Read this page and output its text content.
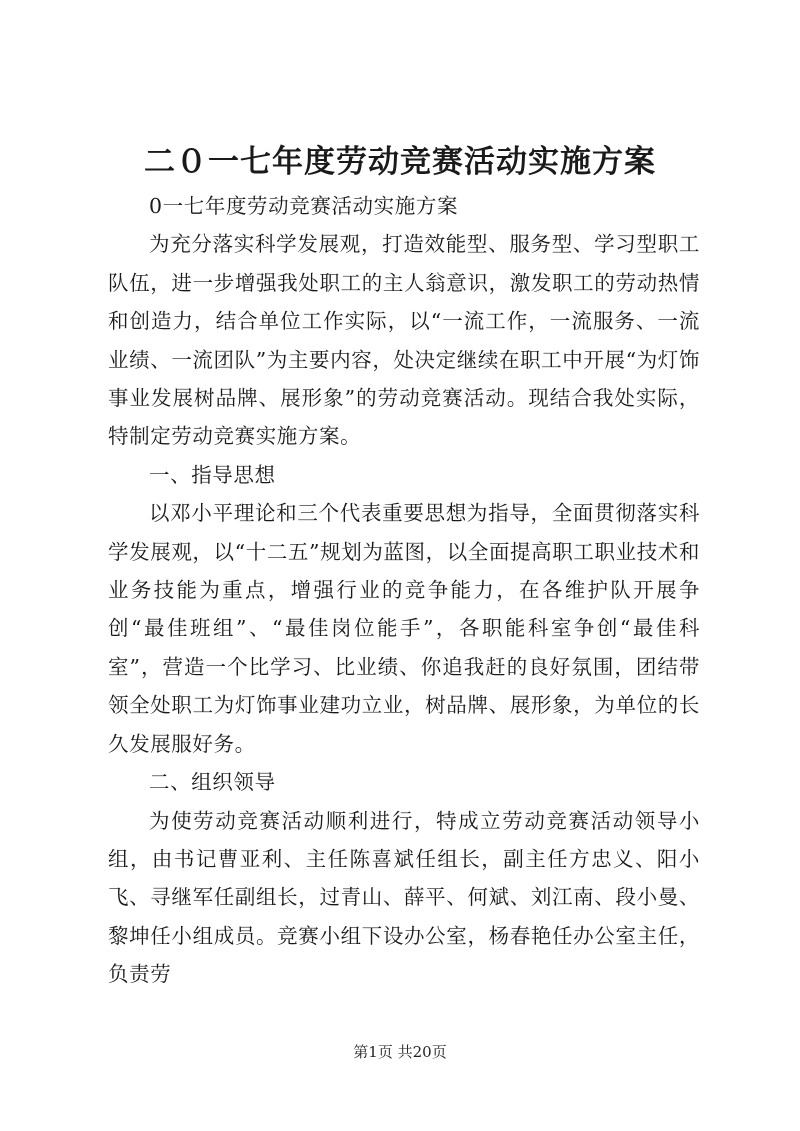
二０一七年度劳动竞赛活动实施方案

0一七年度劳动竞赛活动实施方案

为充分落实科学发展观，打造效能型、服务型、学习型职工队伍，进一步增强我处职工的主人翁意识，激发职工的劳动热情和创造力，结合单位工作实际，以“一流工作，一流服务、一流业绩、一流团队”为主要内容，处决定继续在职工中开展“为灯饰事业发展树品牌、展形象”的劳动竞赛活动。现结合我处实际，特制定劳动竞赛实施方案。

一、指导思想

以邓小平理论和三个代表重要思想为指导，全面贯彻落实科学发展观，以“十二五”规划为蓝图，以全面提高职工职业技术和业务技能为重点，增强行业的竞争能力，在各维护队开展争创“最佳班组”、“最佳岗位能手”，各职能科室争创“最佳科室”，营造一个比学习、比业绩、你追我赶的良好氛围，团结带领全处职工为灯饰事业建功立业，树品牌、展形象，为单位的长久发展服好务。

二、组织领导

为使劳动竞赛活动顺利进行，特成立劳动竞赛活动领导小组，由书记曹亚利、主任陈喜斌任组长，副主任方忠义、阳小飞、寻继军任副组长，过青山、薛平、何斌、刘江南、段小曼、黎坤任小组成员。竞赛小组下设办公室，杨春艳任办公室主任，负责劳

第1页 共20页
